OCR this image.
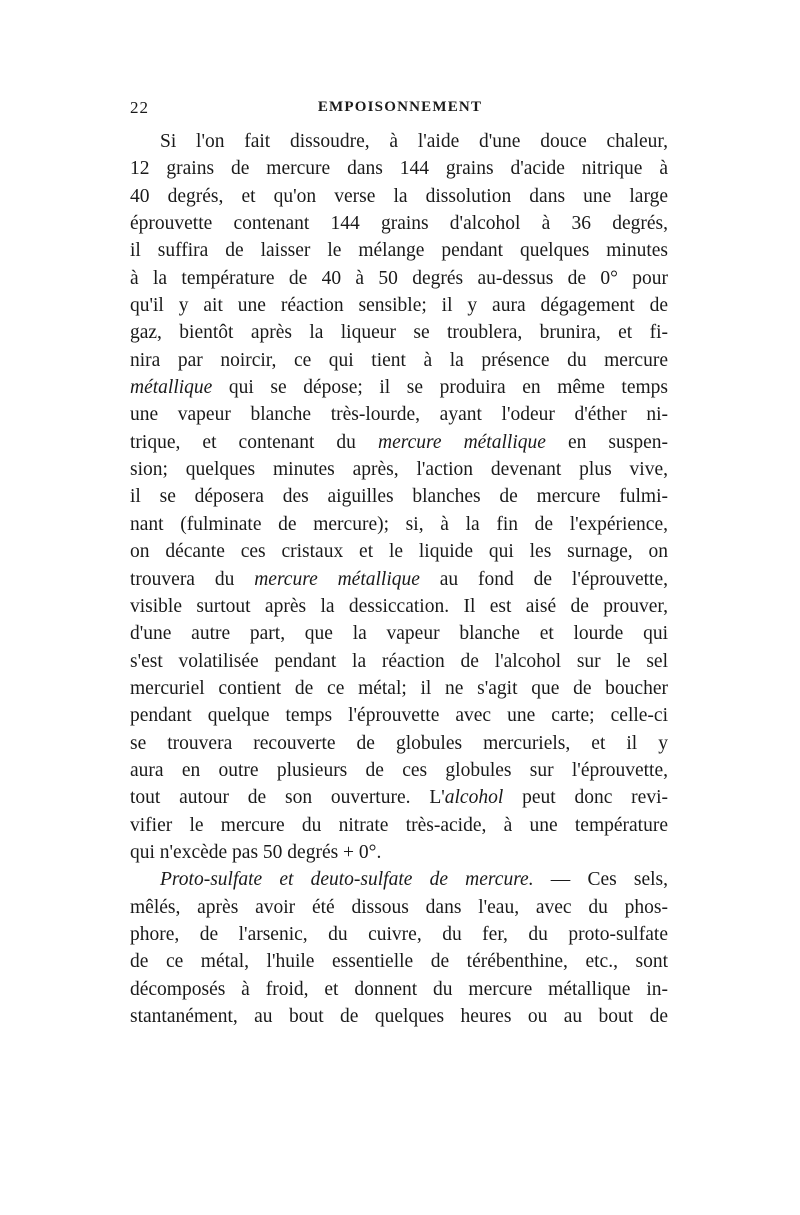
22	EMPOISONNEMENT
Si l'on fait dissoudre, à l'aide d'une douce chaleur,
12 grains de mercure dans 144 grains d'acide nitrique à
40 degrés, et qu'on verse la dissolution dans une large
éprouvette contenant 144 grains d'alcohol à 36 degrés,
il suffira de laisser le mélange pendant quelques minutes
à la température de 40 à 50 degrés au-dessus de 0° pour
qu'il y ait une réaction sensible; il y aura dégagement de
gaz, bientôt après la liqueur se troublera, brunira, et fi-
nira par noircir, ce qui tient à la présence du mercure
métallique qui se dépose; il se produira en même temps
une vapeur blanche très-lourde, ayant l'odeur d'éther ni-
trique, et contenant du mercure métallique en suspen-
sion; quelques minutes après, l'action devenant plus vive,
il se déposera des aiguilles blanches de mercure fulmi-
nant (fulminate de mercure); si, à la fin de l'expérience,
on décante ces cristaux et le liquide qui les surnage, on
trouvera du mercure métallique au fond de l'éprouvette,
visible surtout après la dessiccation. Il est aisé de prouver,
d'une autre part, que la vapeur blanche et lourde qui
s'est volatilisée pendant la réaction de l'alcohol sur le sel
mercuriel contient de ce métal; il ne s'agit que de boucher
pendant quelque temps l'éprouvette avec une carte; celle-ci
se trouvera recouverte de globules mercuriels, et il y
aura en outre plusieurs de ces globules sur l'éprouvette,
tout autour de son ouverture. L'alcohol peut donc revi-
vifier le mercure du nitrate très-acide, à une température
qui n'excède pas 50 degrés + 0°.
Proto-sulfate et deuto-sulfate de mercure. — Ces sels,
mêlés, après avoir été dissous dans l'eau, avec du phos-
phore, de l'arsenic, du cuivre, du fer, du proto-sulfate
de ce métal, l'huile essentielle de térébenthine, etc., sont
décomposés à froid, et donnent du mercure métallique in-
stantanément, au bout de quelques heures ou au bout de
